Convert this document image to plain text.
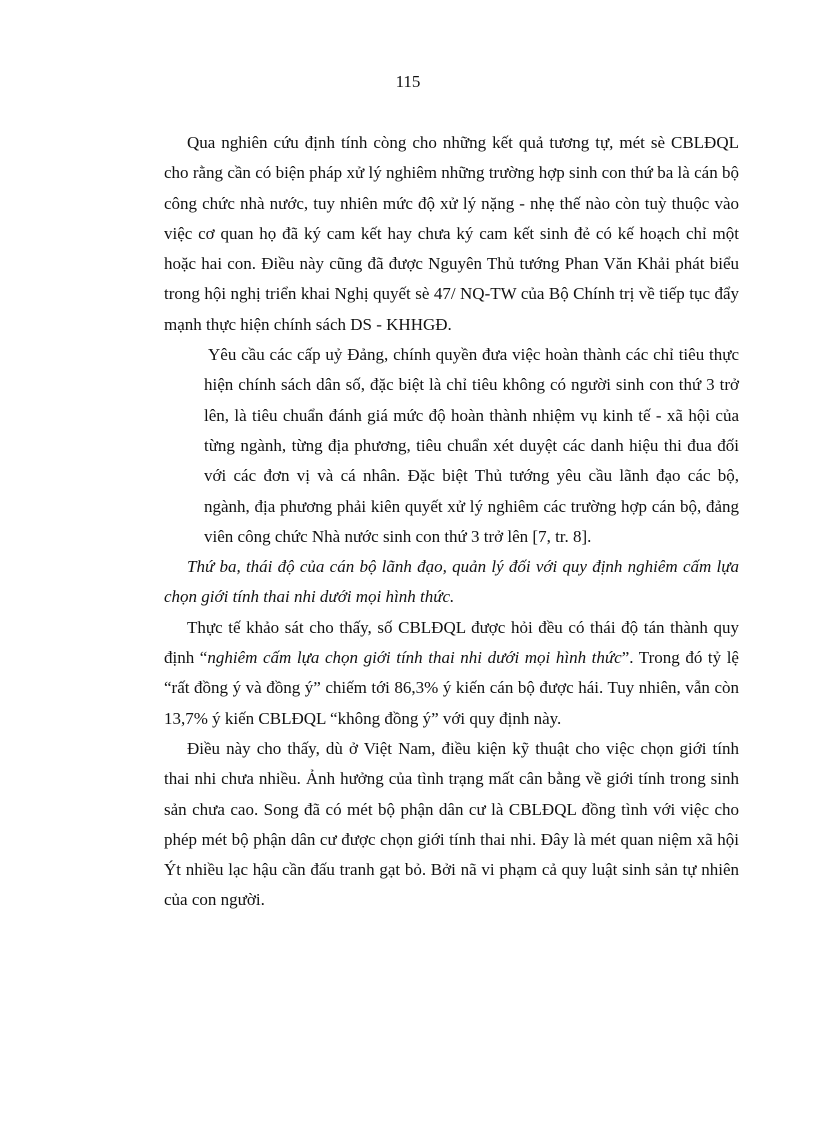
115

Qua nghiên cứu định tính còng cho những kết quả tương tự, mét sè CBLĐQL cho rằng cần có biện pháp xử lý nghiêm những trường hợp sinh con thứ ba là cán bộ công chức nhà nước, tuy nhiên mức độ xử lý nặng - nhẹ thế nào còn tuỳ thuộc vào việc cơ quan họ đã ký cam kết hay chưa ký cam kết sinh đẻ có kế hoạch chỉ một hoặc hai con. Điều này cũng đã được Nguyên Thủ tướng Phan Văn Khải phát biểu trong hội nghị triển khai Nghị quyết sè 47/ NQ-TW của Bộ Chính trị về tiếp tục đẩy mạnh thực hiện chính sách DS - KHHGĐ.

Yêu cầu các cấp uỷ Đảng, chính quyền đưa việc hoàn thành các chỉ tiêu thực hiện chính sách dân số, đặc biệt là chỉ tiêu không có người sinh con thứ 3 trở lên, là tiêu chuẩn đánh giá mức độ hoàn thành nhiệm vụ kinh tế - xã hội của từng ngành, từng địa phương, tiêu chuẩn xét duyệt các danh hiệu thi đua đối với các đơn vị và cá nhân. Đặc biệt Thủ tướng yêu cầu lãnh đạo các bộ, ngành, địa phương phải kiên quyết xử lý nghiêm các trường hợp cán bộ, đảng viên công chức Nhà nước sinh con thứ 3 trở lên [7, tr. 8].

Thứ ba, thái độ của cán bộ lãnh đạo, quản lý đối với quy định nghiêm cấm lựa chọn giới tính thai nhi dưới mọi hình thức.

Thực tế khảo sát cho thấy, số CBLĐQL được hỏi đều có thái độ tán thành quy định “nghiêm cấm lựa chọn giới tính thai nhi dưới mọi hình thức”. Trong đó tỷ lệ “rất đồng ý và đồng ý” chiếm tới 86,3% ý kiến cán bộ được hái. Tuy nhiên, vẫn còn 13,7% ý kiến CBLĐQL “không đồng ý” với quy định này.

Điều này cho thấy, dù ở Việt Nam, điều kiện kỹ thuật cho việc chọn giới tính thai nhi chưa nhiều. Ảnh hưởng của tình trạng mất cân bằng về giới tính trong sinh sản chưa cao. Song đã có mét bộ phận dân cư là CBLĐQL đồng tình với việc cho phép mét bộ phận dân cư được chọn giới tính thai nhi. Đây là mét quan niệm xã hội Ýt nhiều lạc hậu cần đấu tranh gạt bỏ. Bởi nã vi phạm cả quy luật sinh sản tự nhiên của con người.
